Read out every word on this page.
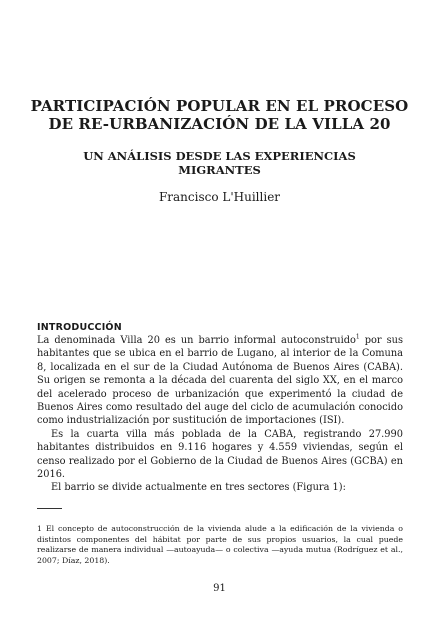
PARTICIPACIÓN POPULAR EN EL PROCESO DE RE-URBANIZACIÓN DE LA VILLA 20
UN ANÁLISIS DESDE LAS EXPERIENCIAS MIGRANTES
Francisco L'Huillier
INTRODUCCIÓN

La denominada Villa 20 es un barrio informal autoconstruido$^1$ por sus habitantes que se ubica en el barrio de Lugano, al interior de la Comuna 8, localizada en el sur de la Ciudad Autónoma de Buenos Aires (CABA). Su origen se remonta a la década del cuarenta del siglo XX, en el marco del acelerado proceso de urbanización que experimentó la ciudad de Buenos Aires como resultado del auge del ciclo de acumulación conocido como industrialización por sustitución de importaciones (ISI).

Es la cuarta villa más poblada de la CABA, registrando 27.990 habitantes distribuidos en 9.116 hogares y 4.559 viviendas, según el censo realizado por el Gobierno de la Ciudad de Buenos Aires (GCBA) en 2016.

El barrio se divide actualmente en tres sectores (Figura 1):

1 El concepto de autoconstrucción de la vivienda alude a la edificación de la vivienda o distintos componentes del hábitat por parte de sus propios usuarios, la cual puede realizarse de manera individual —autoayuda— o colectiva —ayuda mutua (Rodríguez et al., 2007; Díaz, 2018).
91
